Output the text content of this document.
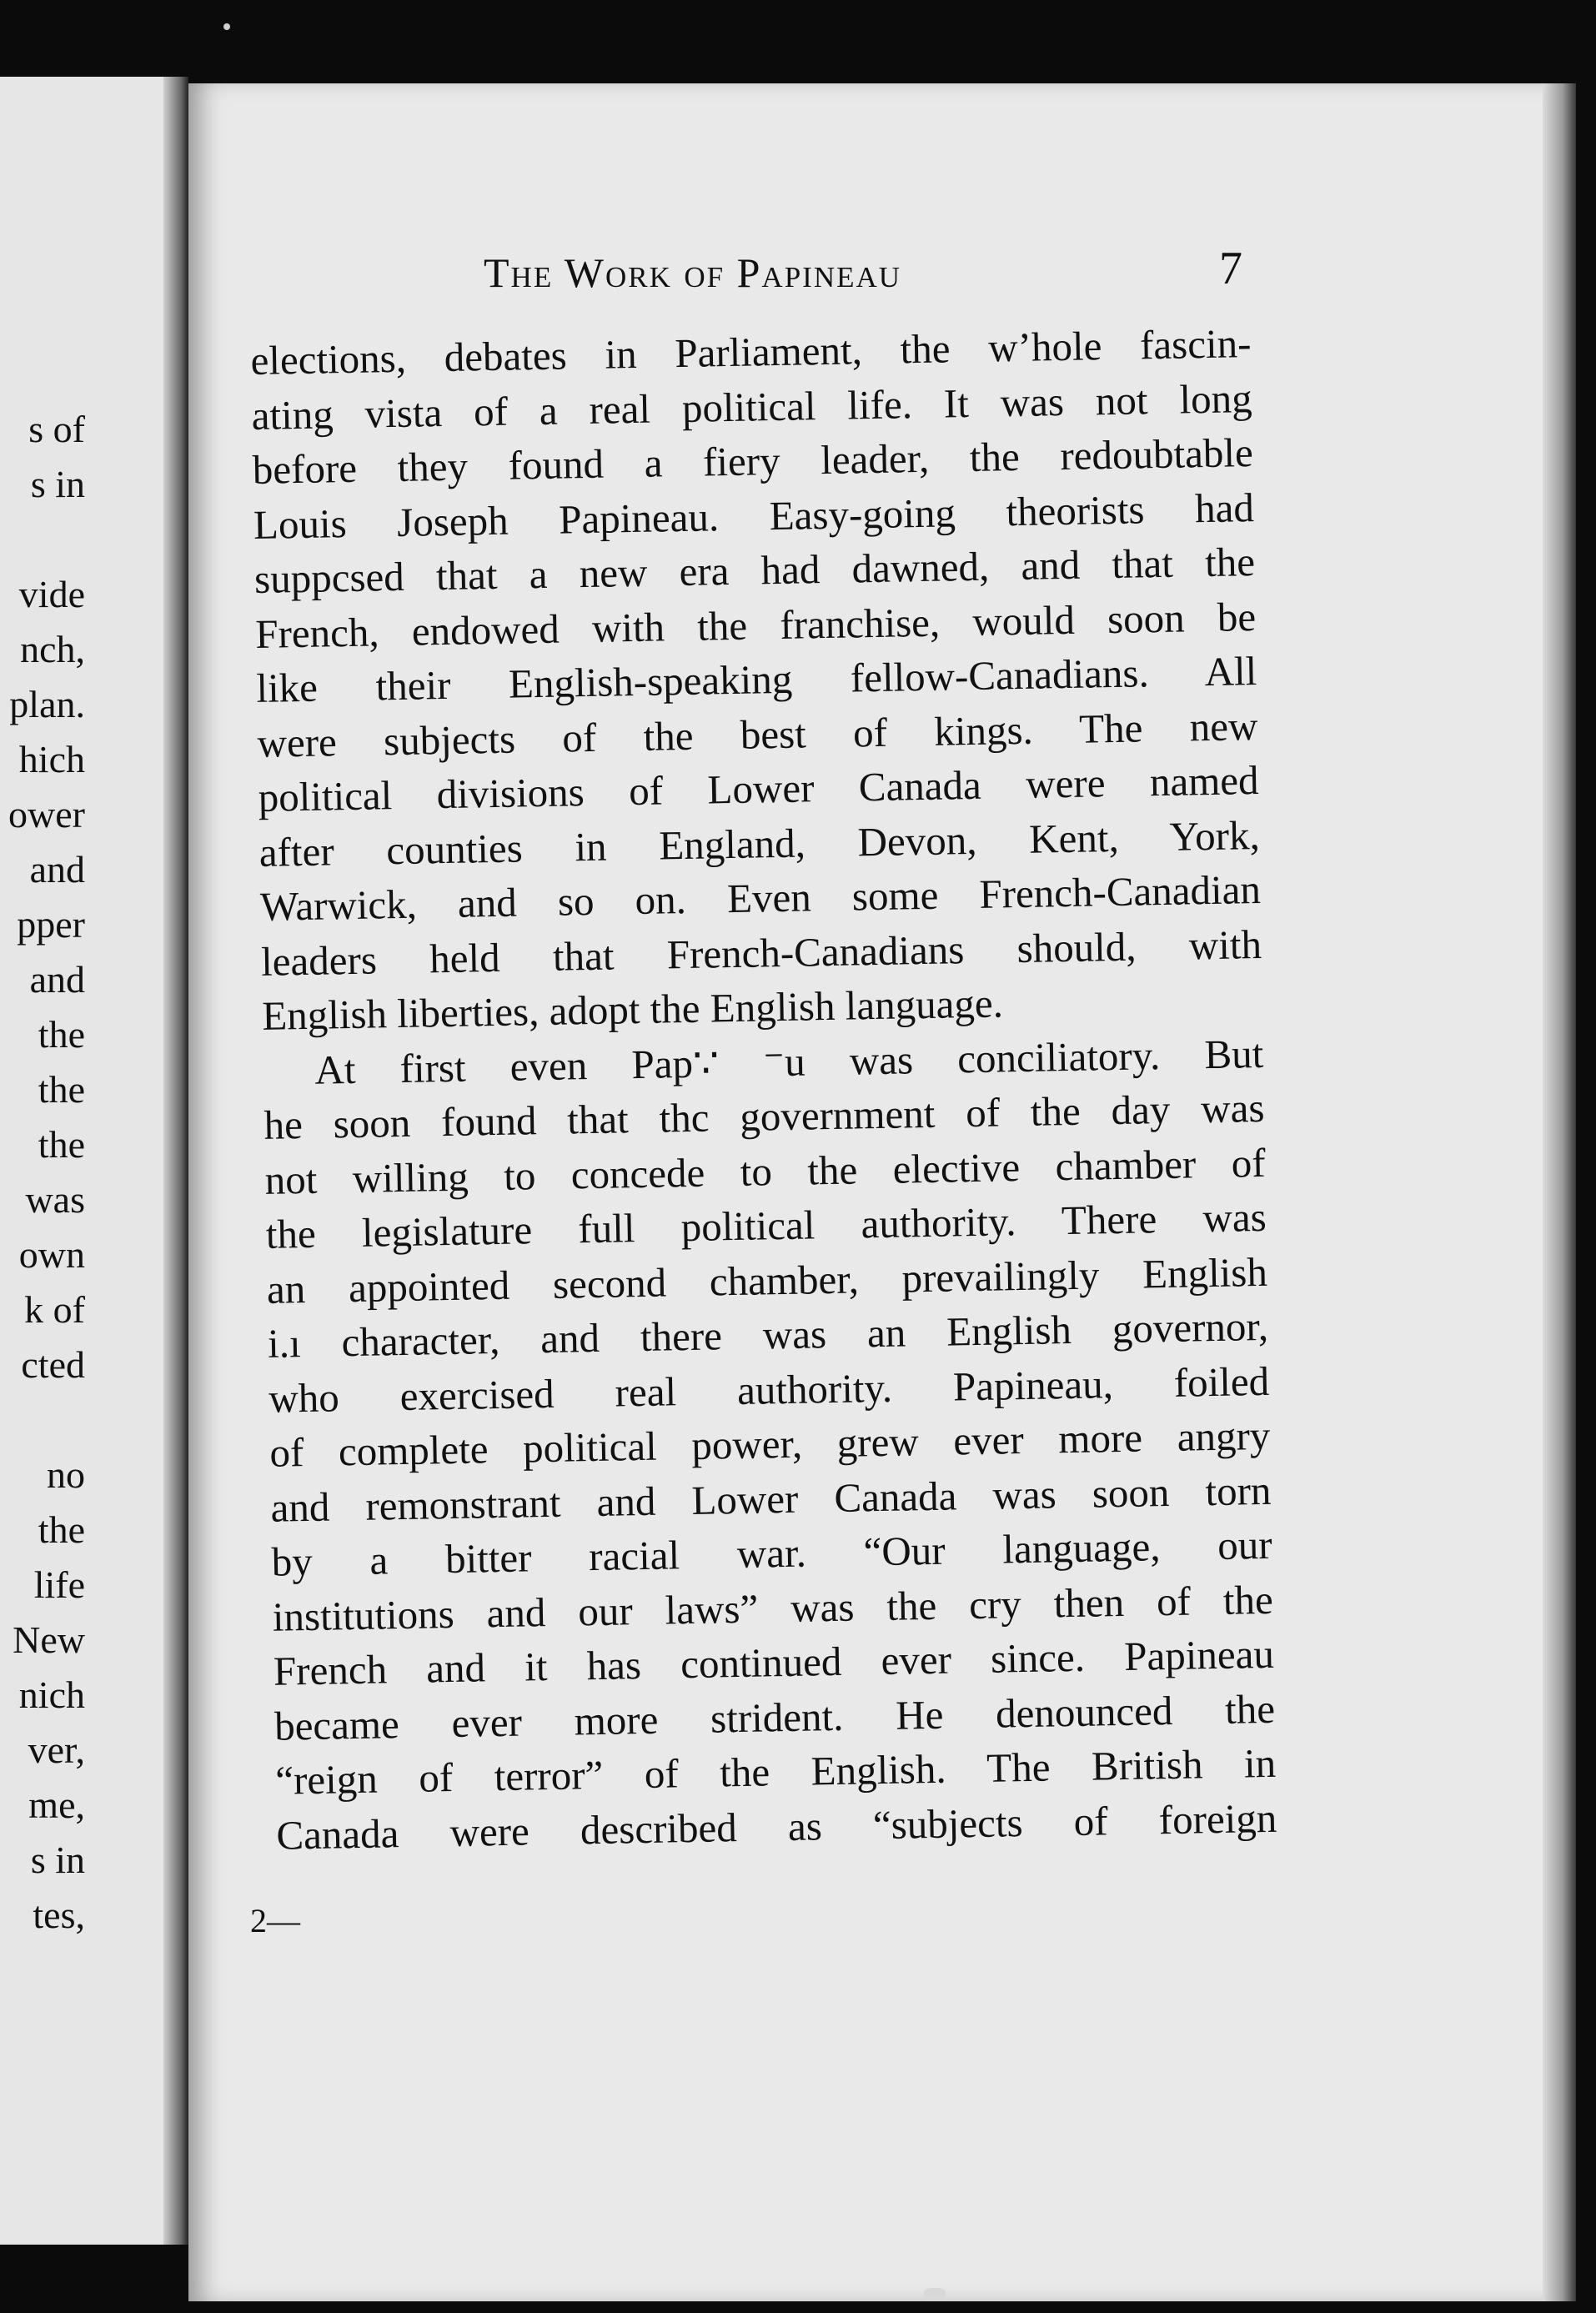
s of
s in
vide
nch,
plan.
hich
ower
and
pper
and
the
the
the
was
own
k of
cted
no
the
life
New
nich
ver,
me,
s in
tes,
The Work of Papineau	7
elections, debates in Parliament, the wʼhole fascin-
ating vista of a real political life. It was not long
before they found a fiery leader, the redoubtable
Louis Joseph Papineau. Easy-going theorists had
suppcsed that a new era had dawned, and that the
French, endowed with the franchise, would soon be
like their English-speaking fellow-Canadians. All
were subjects of the best of kings. The new
political divisions of Lower Canada were named
after counties in England, Devon, Kent, York,
Warwick, and so on. Even some French-Canadian
leaders held that French-Canadians should, with
English liberties, adopt the English language.
At first even Pap∵ ⁻u was conciliatory. But
he soon found that thc government of the day was
not willing to concede to the elective chamber of
the legislature full political authority. There was
an appointed second chamber, prevailingly English
i.ı character, and there was an English governor,
who exercised real authority. Papineau, foiled
of complete political power, grew ever more angry
and remonstrant and Lower Canada was soon torn
by a bitter racial war. “Our language, our
institutions and our laws” was the cry then of the
French and it has continued ever since. Papineau
became ever more strident. He denounced the
“reign of terror” of the English. The British in
Canada were described as “subjects of foreign
2—
